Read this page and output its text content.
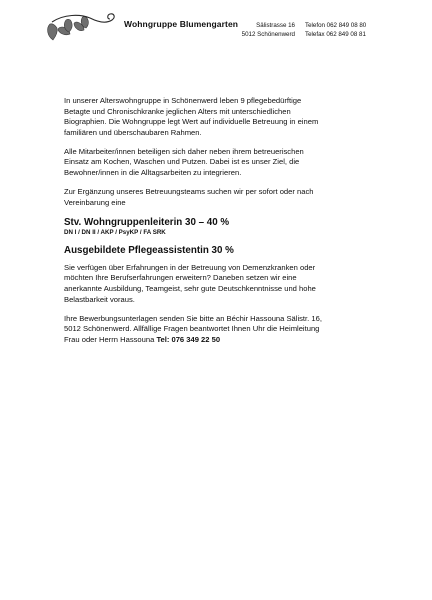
Wohngruppe Blumengarten	Sälistrasse 16
5012 Schönenwerd
Telefon 062 849 08 80
Telefax 062 849 08 81

In unserer Alterswohngruppe in Schönenwerd leben 9 pflegebedürftige
Betagte und Chronischkranke jeglichen Alters mit unterschiedlichen
Biographien. Die Wohngruppe legt Wert auf individuelle Betreuung in einem
familiären und überschaubaren Rahmen.

Alle Mitarbeiter/innen beteiligen sich daher neben ihrem betreuerischen
Einsatz am Kochen, Waschen und Putzen. Dabei ist es unser Ziel, die
Bewohner/innen in die Alltagsarbeiten zu integrieren.

Zur Ergänzung unseres Betreuungsteams suchen wir per sofort oder nach
Vereinbarung eine

Stv. Wohngruppenleiterin 30 – 40 %
DN I / DN II / AKP / PsyKP / FA SRK
Ausgebildete Pflegeassistentin 30 %

Sie verfügen über Erfahrungen in der Betreuung von Demenzkranken oder
möchten Ihre Berufserfahrungen erweitern? Daneben setzen wir eine
anerkannte Ausbildung, Teamgeist, sehr gute Deutschkenntnisse und hohe
Belastbarkeit voraus.

Ihre Bewerbungsunterlagen senden Sie bitte an Béchir Hassouna Sälistr. 16,
5012 Schönenwerd. Allfällige Fragen beantwortet Ihnen Uhr die Heimleitung
Frau oder Herrn Hassouna Tel: 076 349 22 50
